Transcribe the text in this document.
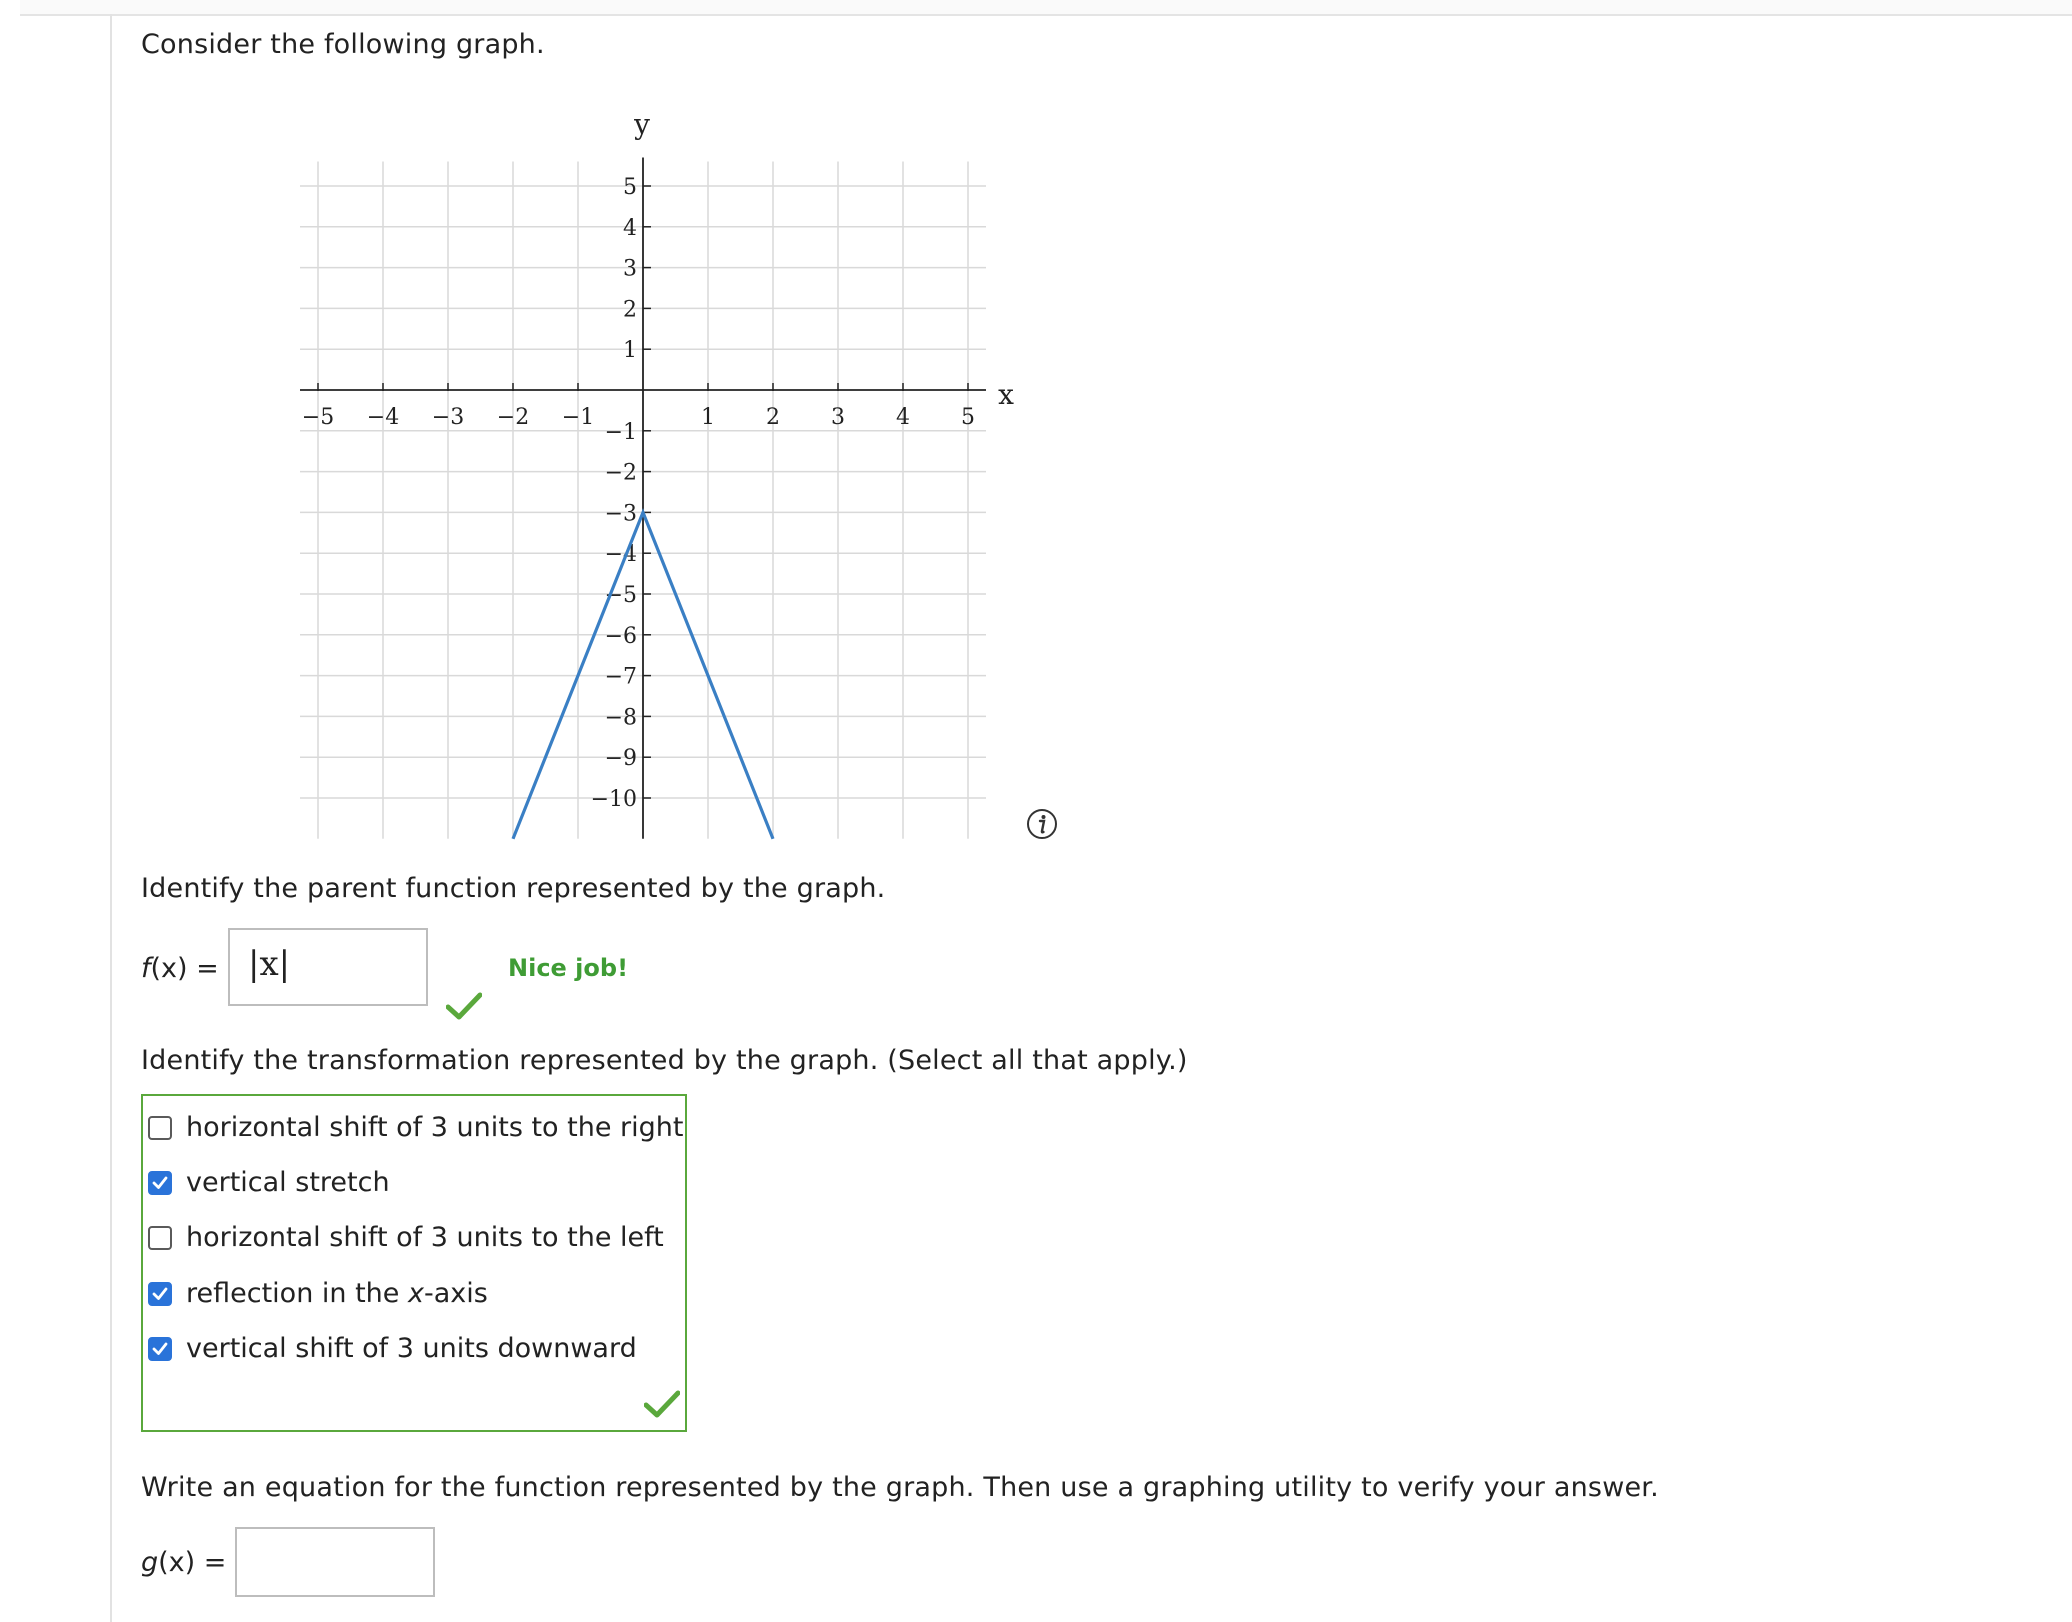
Consider the following graph.
−5 −4 −3 −2 −1	1 2 3 4 5
1
2
3
4
5
−1
−2
−3
−4
−5
−6
−7
−8
−9
−10
y
x
Identify the parent function represented by the graph.
f(x) = |x|	Nice job!
Identify the transformation represented by the graph. (Select all that apply.)
horizontal shift of 3 units to the right
vertical stretch
horizontal shift of 3 units to the left
reflection in the x-axis
vertical shift of 3 units downward
Write an equation for the function represented by the graph. Then use a graphing utility to verify your answer.
g(x) =
